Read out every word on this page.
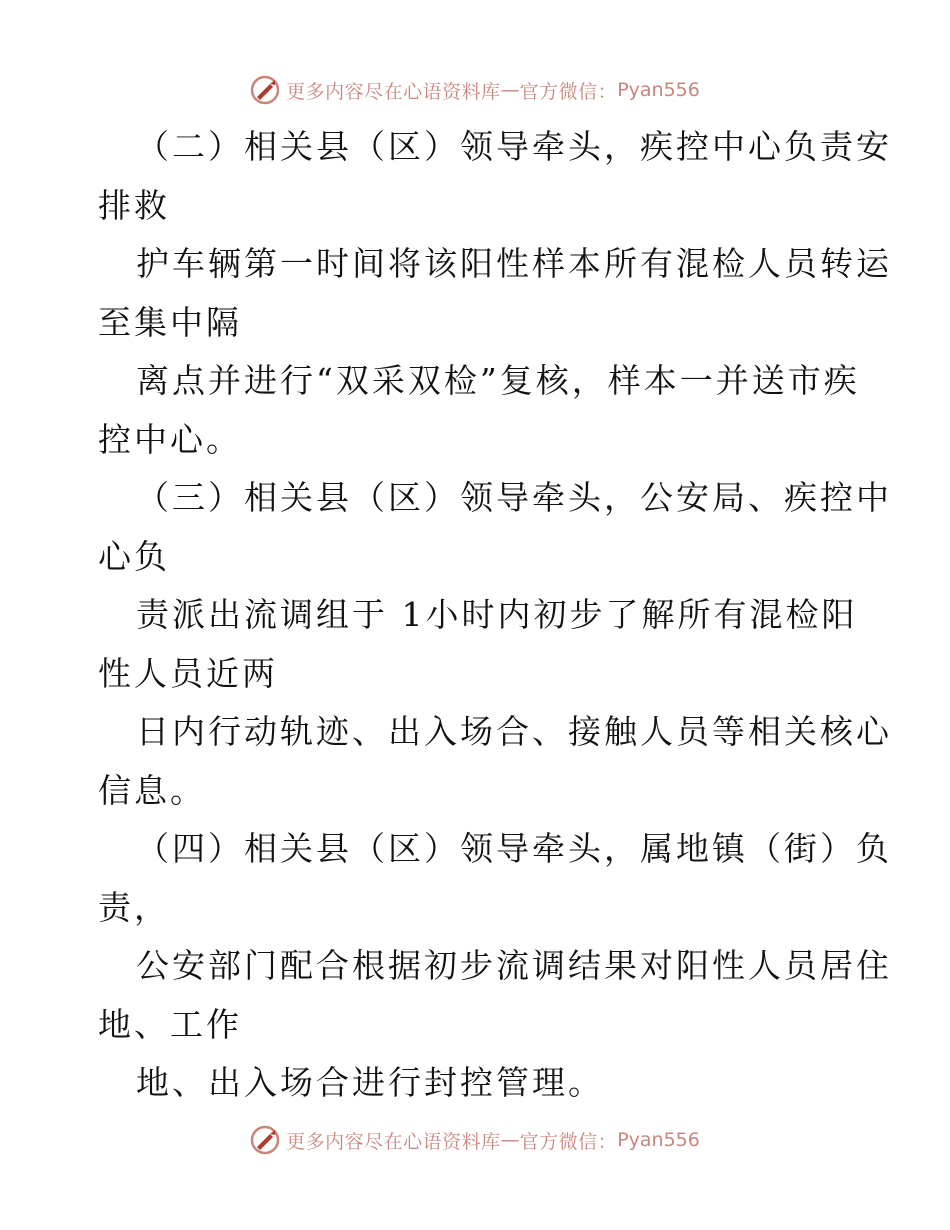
更多内容尽在心语资料库 — 官方微信： Pyan556
（二）相关县（区）领导牵头，疾控中心负责安
排救
护车辆第一时间将该阳性样本所有混检人员转运
至集中隔
离点并进行“双采双检”复核，样本一并送市疾
控中心。
（三）相关县（区）领导牵头，公安局、疾控中
心负
责派出流调组于 1小时内初步了解所有混检阳
性人员近两
日内行动轨迹、出入场合、接触人员等相关核心
信息。
（四）相关县（区）领导牵头，属地镇（街）负
责，
公安部门配合根据初步流调结果对阳性人员居住
地、工作
地、出入场合进行封控管理。
更多内容尽在心语资料库 — 官方微信： Pyan556
